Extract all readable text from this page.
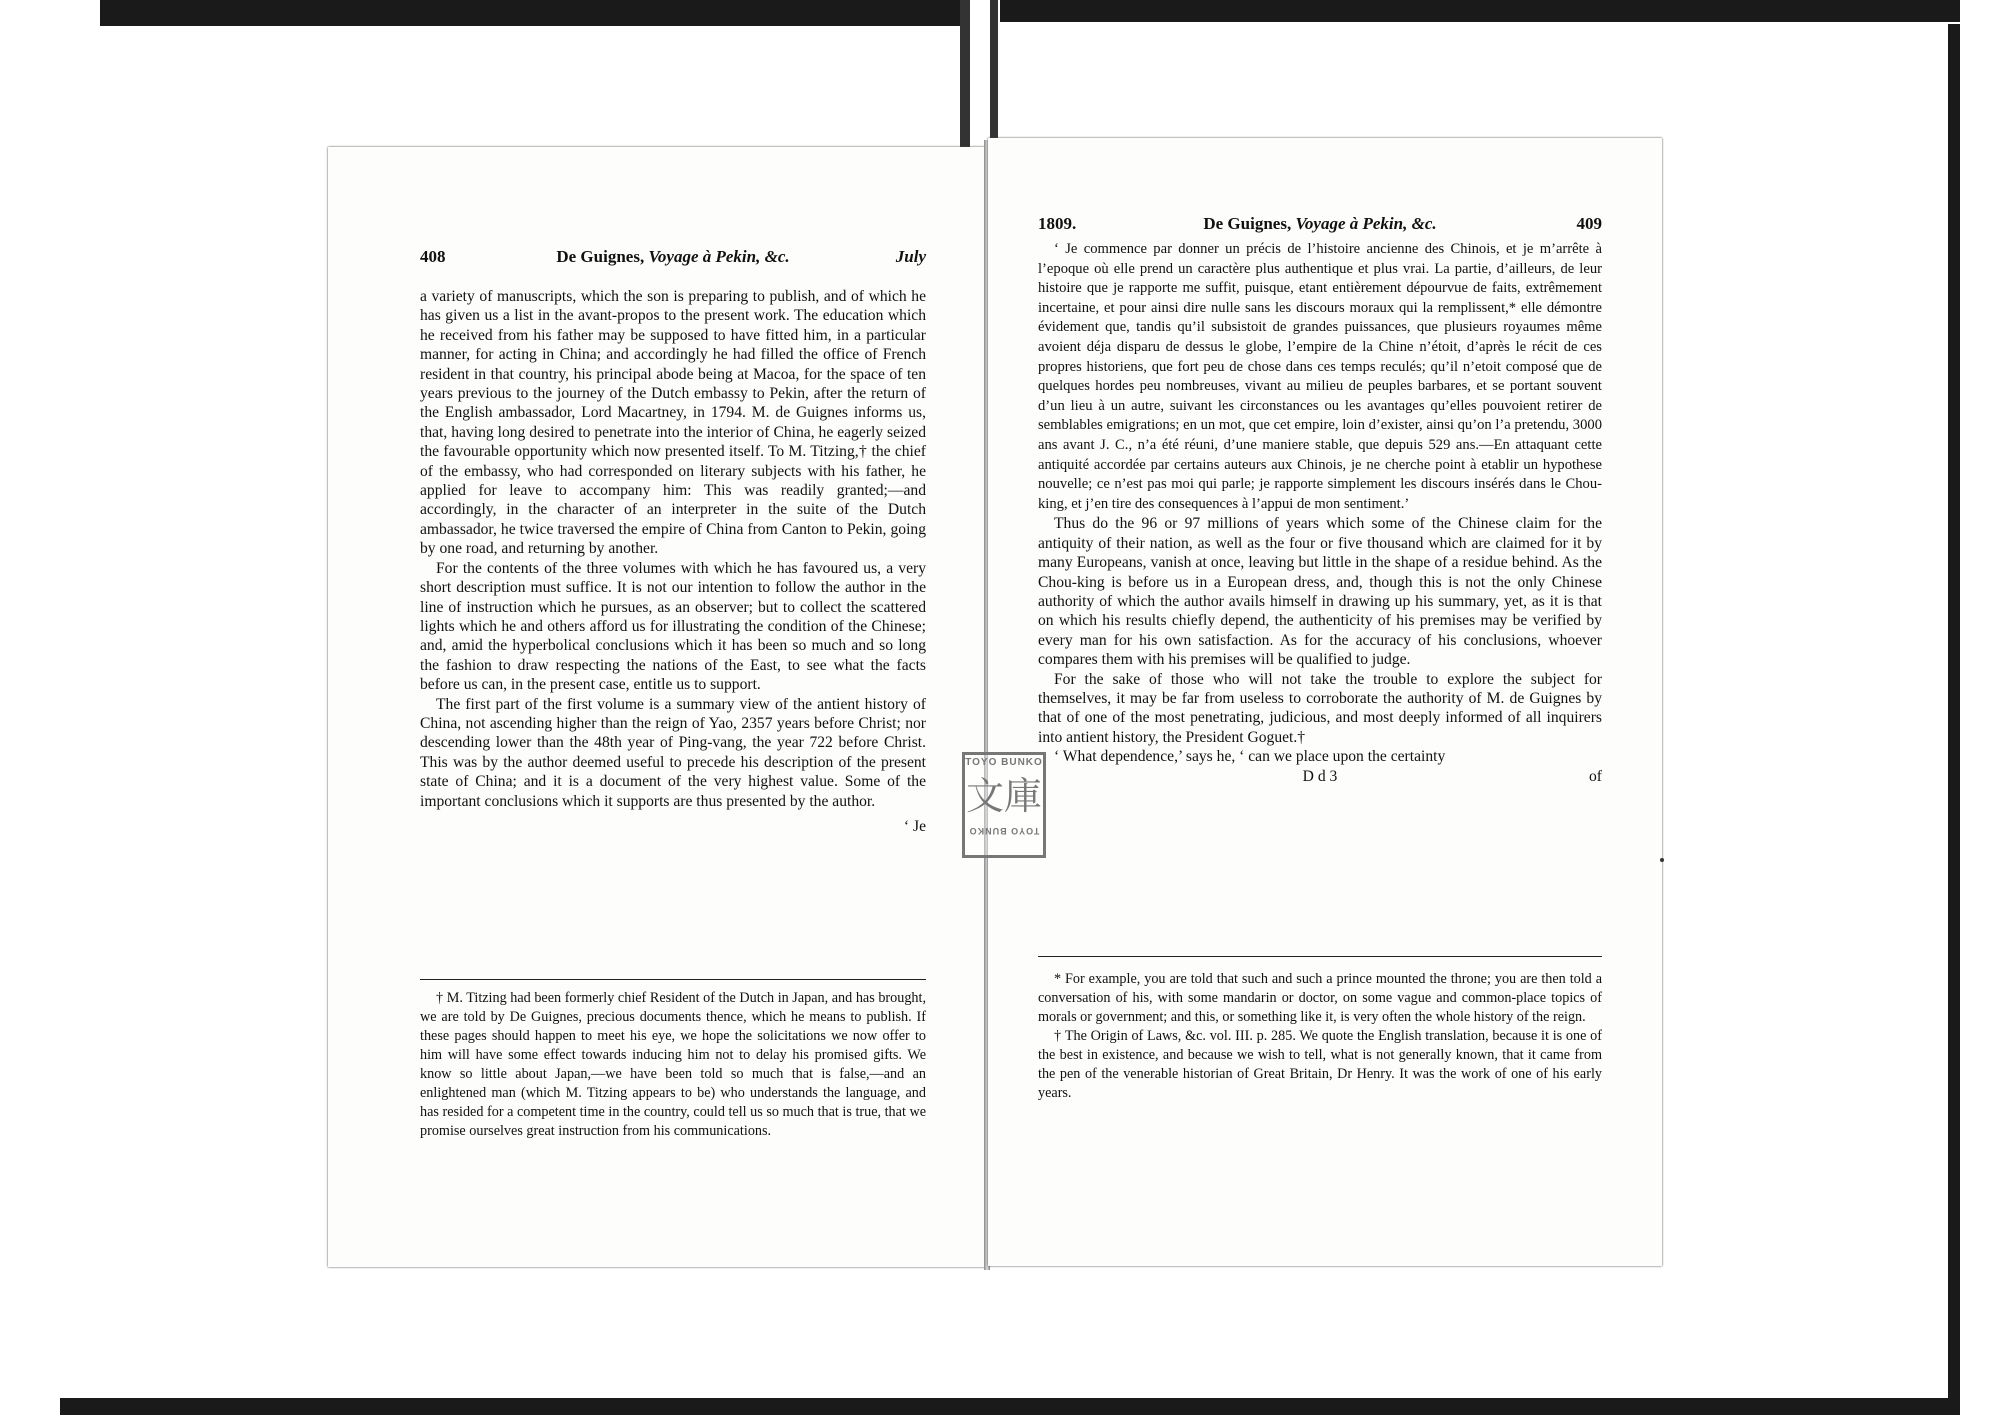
408	De Guignes, Voyage à Pekin, &c.	July

a variety of manuscripts, which the son is preparing to publish, and of which he has given us a list in the avant-propos to the present work. The education which he received from his father may be supposed to have fitted him, in a particular manner, for acting in China; and accordingly he had filled the office of French resident in that country, his principal abode being at Macoa, for the space of ten years previous to the journey of the Dutch embassy to Pekin, after the return of the English ambassador, Lord Macartney, in 1794. M. de Guignes informs us, that, having long desired to penetrate into the interior of China, he eagerly seized the favourable opportunity which now presented itself. To M. Titzing,† the chief of the embassy, who had corresponded on literary subjects with his father, he applied for leave to accompany him: This was readily granted;—and accordingly, in the character of an interpreter in the suite of the Dutch ambassador, he twice traversed the empire of China from Canton to Pekin, going by one road, and returning by another.

For the contents of the three volumes with which he has favoured us, a very short description must suffice. It is not our intention to follow the author in the line of instruction which he pursues, as an observer; but to collect the scattered lights which he and others afford us for illustrating the condition of the Chinese; and, amid the hyperbolical conclusions which it has been so much and so long the fashion to draw respecting the nations of the East, to see what the facts before us can, in the present case, entitle us to support.

The first part of the first volume is a summary view of the antient history of China, not ascending higher than the reign of Yao, 2357 years before Christ; nor descending lower than the 48th year of Ping-vang, the year 722 before Christ. This was by the author deemed useful to precede his description of the present state of China; and it is a document of the very highest value. Some of the important conclusions which it supports are thus presented by the author.

‘ Je

† M. Titzing had been formerly chief Resident of the Dutch in Japan, and has brought, we are told by De Guignes, precious documents thence, which he means to publish. If these pages should happen to meet his eye, we hope the solicitations we now offer to him will have some effect towards inducing him not to delay his promised gifts. We know so little about Japan,—we have been told so much that is false,—and an enlightened man (which M. Titzing appears to be) who understands the language, and has resided for a competent time in the country, could tell us so much that is true, that we promise ourselves great instruction from his communications.

1809.	De Guignes, Voyage à Pekin, &c.	409

‘ Je commence par donner un précis de l’histoire ancienne des Chinois, et je m’arrête à l’epoque où elle prend un caractère plus authentique et plus vrai. La partie, d’ailleurs, de leur histoire que je rapporte me suffit, puisque, etant entièrement dépourvue de faits, extrêmement incertaine, et pour ainsi dire nulle sans les discours moraux qui la remplissent,* elle démontre évidement que, tandis qu’il subsistoit de grandes puissances, que plusieurs royaumes même avoient déja disparu de dessus le globe, l’empire de la Chine n’étoit, d’après le récit de ces propres historiens, que fort peu de chose dans ces temps reculés; qu’il n’etoit composé que de quelques hordes peu nombreuses, vivant au milieu de peuples barbares, et se portant souvent d’un lieu à un autre, suivant les circonstances ou les avantages qu’elles pouvoient retirer de semblables emigrations; en un mot, que cet empire, loin d’exister, ainsi qu’on l’a pretendu, 3000 ans avant J. C., n’a été réuni, d’une maniere stable, que depuis 529 ans.—En attaquant cette antiquité accordée par certains auteurs aux Chinois, je ne cherche point à etablir un hypothese nouvelle; ce n’est pas moi qui parle; je rapporte simplement les discours insérés dans le Chou-king, et j’en tire des consequences à l’appui de mon sentiment.’

Thus do the 96 or 97 millions of years which some of the Chinese claim for the antiquity of their nation, as well as the four or five thousand which are claimed for it by many Europeans, vanish at once, leaving but little in the shape of a residue behind. As the Chou-king is before us in a European dress, and, though this is not the only Chinese authority of which the author avails himself in drawing up his summary, yet, as it is that on which his results chiefly depend, the authenticity of his premises may be verified by every man for his own satisfaction. As for the accuracy of his conclusions, whoever compares them with his premises will be qualified to judge.

For the sake of those who will not take the trouble to explore the subject for themselves, it may be far from useless to corroborate the authority of M. de Guignes by that of one of the most penetrating, judicious, and most deeply informed of all inquirers into antient history, the President Goguet.†

‘ What dependence,’ says he, ‘ can we place upon the certainty

D d 3	of

* For example, you are told that such and such a prince mounted the throne; you are then told a conversation of his, with some mandarin or doctor, on some vague and common-place topics of morals or government; and this, or something like it, is very often the whole history of the reign.

† The Origin of Laws, &c. vol. III. p. 285. We quote the English translation, because it is one of the best in existence, and because we wish to tell, what is not generally known, that it came from the pen of the venerable historian of Great Britain, Dr Henry. It was the work of one of his early years.

TOYO BUNKO
文庫
TOYO BUNKO
